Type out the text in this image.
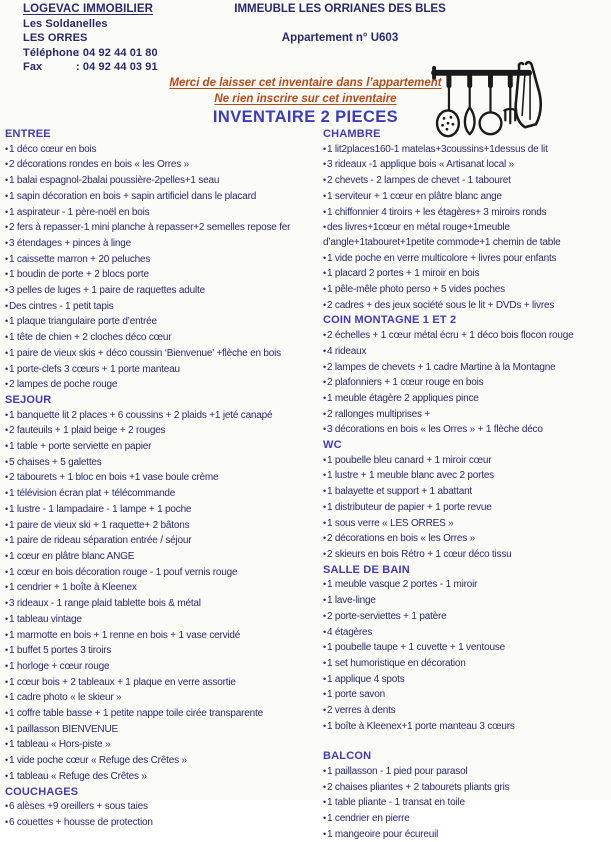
LOGEVAC IMMOBILIER
Les Soldanelles
LES ORRES
Téléphone: 04 92 44 01 80
Fax	: 04 92 44 03 91
IMMEUBLE LES ORRIANES DES BLES
Appartement n° U603
Merci de laisser cet inventaire dans l’appartement
Ne rien inscrire sur cet inventaire
INVENTAIRE 2 PIECES
ENTREE
•1 déco cœur en bois
•2 décorations rondes en bois « les Orres »
•1 balai espagnol-2balai poussière-2pelles+1 seau
•1 sapin décoration en bois + sapin artificiel dans le placard
•1 aspirateur - 1 père-noël en bois
•2 fers à repasser-1 mini planche à repasser+2 semelles repose fer
•3 étendages + pinces à linge
•1 caissette marron + 20 peluches
•1 boudin de porte + 2 blocs porte
•3 pelles de luges + 1 paire de raquettes adulte
•Des cintres - 1 petit tapis
•1 plaque triangulaire porte d’entrée
•1 tête de chien + 2 cloches déco cœur
•1 paire de vieux skis + déco coussin ‘Bienvenue’ +flèche en bois
•1 porte-clefs 3 cœurs + 1 porte manteau
•2 lampes de poche rouge
SEJOUR
•1 banquette lit 2 places + 6 coussins + 2 plaids +1 jeté canapé
•2 fauteuils + 1 plaid beige + 2 rouges
•1 table + porte serviette en papier
•5 chaises + 5 galettes
•2 tabourets + 1 bloc en bois +1 vase boule crème
•1 télévision écran plat + télécommande
•1 lustre - 1 lampadaire - 1 lampe + 1 poche
•1 paire de vieux ski + 1 raquette+ 2 bâtons
•1 paire de rideau séparation entrée / séjour
•1 cœur en plâtre blanc ANGE
•1 cœur en bois décoration rouge - 1 pouf vernis rouge
•1 cendrier + 1 boîte à Kleenex
•3 rideaux - 1 range plaid tablette bois & métal
•1 tableau vintage
•1 marmotte en bois + 1 renne en bois + 1 vase cervidé
•1 buffet 5 portes 3 tiroirs
•1 horloge + cœur rouge
•1 cœur bois + 2 tableaux + 1 plaque en verre assortie
•1 cadre photo « le skieur »
•1 coffre table basse + 1 petite nappe toile cirée transparente
•1 paillasson BIENVENUE
•1 tableau « Hors-piste »
•1 vide poche cœur « Refuge des Crêtes »
•1 tableau « Refuge des Crêtes »
COUCHAGES
•6 alèses +9 oreillers + sous taies
•6 couettes + housse de protection
CHAMBRE
•1 lit2places160-1 matelas+3coussins+1dessus de lit
•3 rideaux -1 applique bois « Artisanat local »
•2 chevets - 2 lampes de chevet - 1 tabouret
•1 serviteur + 1 cœur en plâtre blanc ange
•1 chiffonnier 4 tiroirs + les étagères+ 3 miroirs ronds
•des livres+1cœur en métal rouge+1meuble d’angle+1tabouret+1petite commode+1 chemin de table
•1 vide poche en verre multicolore + livres pour enfants
•1 placard 2 portes + 1 miroir en bois
•1 pêle-mêle photo perso + 5 vides poches
•2 cadres + des jeux société sous le lit + DVDs + livres
COIN MONTAGNE 1 ET 2
•2 échelles + 1 cœur métal écru + 1 déco bois flocon rouge
•4 rideaux
•2 lampes de chevets + 1 cadre Martine à la Montagne
•2 plafonniers + 1 cœur rouge en bois
•1 meuble étagère 2 appliques pince
•2 rallonges multiprises +
•3 décorations en bois « les Orres » + 1 flèche déco
WC
•1 poubelle bleu canard + 1 miroir cœur
•1 lustre + 1 meuble blanc avec 2 portes
•1 balayette et support + 1 abattant
•1 distributeur de papier + 1 porte revue
•1 sous verre « LES ORRES »
•2 décorations en bois « les Orres »
•2 skieurs en bois Rétro + 1 cœur déco tissu
SALLE DE BAIN
•1 meuble vasque 2 portes - 1 miroir
•1 lave-linge
•2 porte-serviettes + 1 patère
•4 étagères
•1 poubelle taupe + 1 cuvette + 1 ventouse
•1 set humoristique en décoration
•1 applique 4 spots
•1 porte savon
•2 verres à dents
•1 boîte à Kleenex+1 porte manteau 3 cœurs
BALCON
•1 paillasson - 1 pied pour parasol
•2 chaises pliantes + 2 tabourets pliants gris
•1 table pliante - 1 transat en toile
•1 cendrier en pierre
•1 mangeoire pour écureuil
